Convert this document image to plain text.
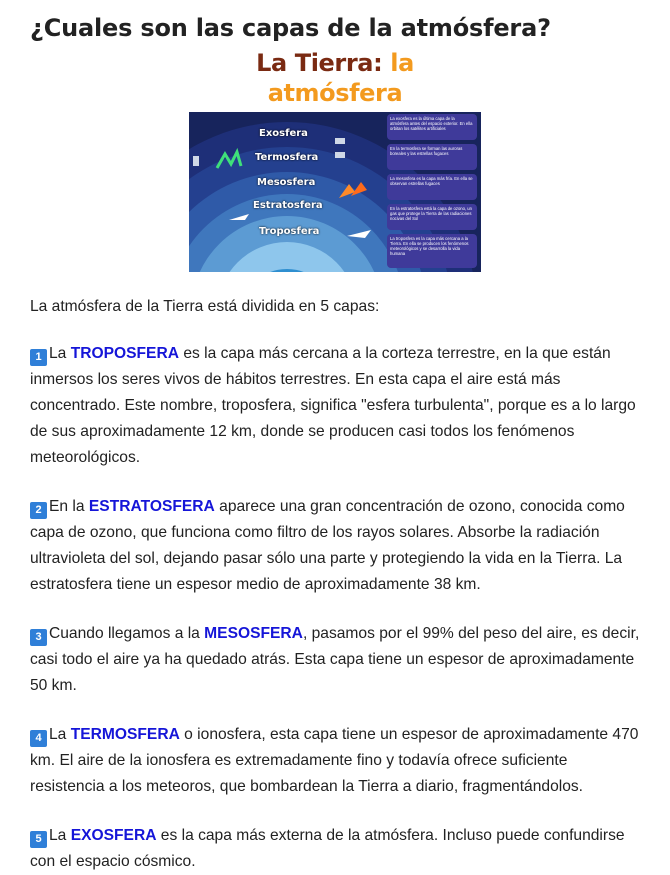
¿Cuales son las capas de la atmósfera?
La Tierra: la atmósfera
Exosfera
Termosfera
Mesosfera
Estratosfera
Troposfera
La exosfera es la última capa de la atmósfera antes del espacio exterior. En ella orbitan los satélites artificiales
En la termosfera se forman las auroras boreales y las estrellas fugaces
La mesosfera es la capa más fría. En ella se observan estrellas fugaces
En la estratosfera está la capa de ozono, un gas que protege la Tierra de las radiaciones nocivas del Sol
La troposfera es la capa más cercana a la Tierra. En ella se producen los fenómenos meteorológicos y se desarrolla la vida humana

La atmósfera de la Tierra está dividida en 5 capas:

1 La TROPOSFERA es la capa más cercana a la corteza terrestre, en la que están inmersos los seres vivos de hábitos terrestres. En esta capa el aire está más concentrado. Este nombre, troposfera, significa "esfera turbulenta", porque es a lo largo de sus aproximadamente 12 km, donde se producen casi todos los fenómenos meteorológicos.

2 En la ESTRATOSFERA aparece una gran concentración de ozono, conocida como capa de ozono, que funciona como filtro de los rayos solares. Absorbe la radiación ultravioleta del sol, dejando pasar sólo una parte y protegiendo la vida en la Tierra. La estratosfera tiene un espesor medio de aproximadamente 38 km.

3 Cuando llegamos a la MESOSFERA, pasamos por el 99% del peso del aire, es decir, casi todo el aire ya ha quedado atrás. Esta capa tiene un espesor de aproximadamente 50 km.

4 La TERMOSFERA o ionosfera, esta capa tiene un espesor de aproximadamente 470 km. El aire de la ionosfera es extremadamente fino y todavía ofrece suficiente resistencia a los meteoros, que bombardean la Tierra a diario, fragmentándolos.

5 La EXOSFERA es la capa más externa de la atmósfera. Incluso puede confundirse con el espacio cósmico.
